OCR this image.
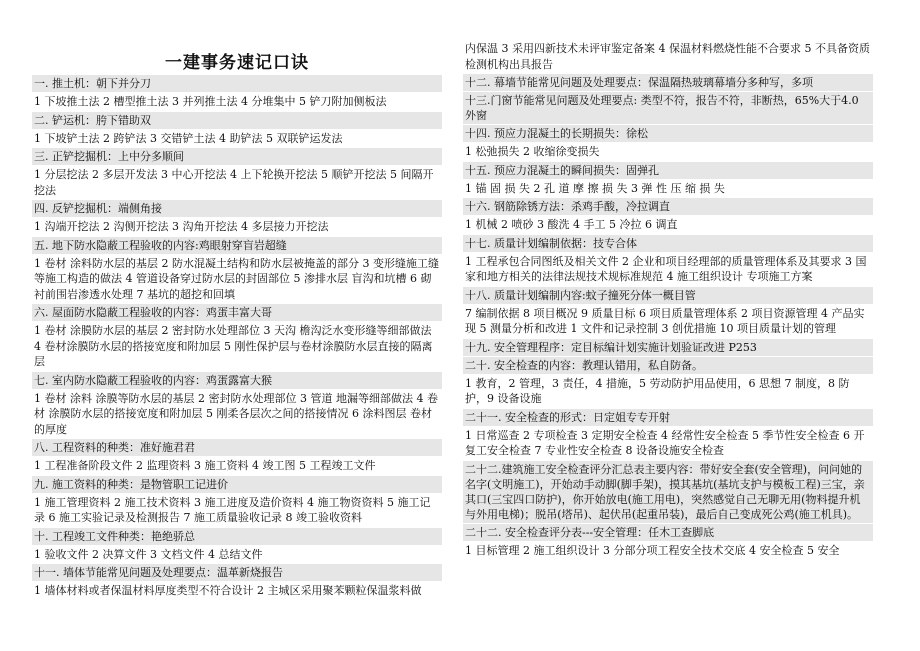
一建事务速记口诀
一. 推土机：朝下并分刀
1 下坡推土法 2 槽型推土法 3 并列推土法 4 分堆集中 5 铲刀附加侧板法
二. 铲运机：胯下错助双
1 下坡铲土法 2 跨铲法 3 交错铲土法 4 助铲法 5 双联铲运发法
三. 正铲挖掘机：上中分多顺间
1 分层挖法 2 多层开发法 3 中心开挖法 4 上下轮换开挖法 5 顺铲开挖法 5 间隔开挖法
四. 反铲挖掘机：端侧角接
1 沟端开挖法 2 沟侧开挖法 3 沟角开挖法 4 多层接力开挖法
五. 地下防水隐蔽工程验收的内容:鸡眼射穿盲岩超缝
1 卷材 涂料防水层的基层 2 防水混凝土结构和防水层被掩盖的部分 3 变形缝施工缝等施工构造的做法 4 管道设备穿过防水层的封固部位 5 渗排水层 盲沟和坑槽 6 砌衬前围岩渗透水处理 7 基坑的超挖和回填
六. 屋面防水隐蔽工程验收的内容：鸡蛋丰富大哥
1 卷材 涂膜防水层的基层 2 密封防水处理部位 3 天沟 檐沟泛水变形缝等细部做法 4 卷材涂膜防水层的搭接宽度和附加层 5 刚性保护层与卷材涂膜防水层直接的隔离层
七. 室内防水隐蔽工程验收的内容：鸡蛋露富大猴
1 卷材 涂料 涂膜等防水层的基层 2 密封防水处理部位 3 管道 地漏等细部做法 4 卷材 涂膜防水层的搭接宽度和附加层 5 刚柔各层次之间的搭接情况 6 涂料图层 卷材的厚度
八. 工程资料的种类：准好施君君
1 工程准备阶段文件 2 监理资料 3 施工资料 4 竣工图 5 工程竣工文件
九. 施工资料的种类：是物管职工记进价
1 施工管理资料 2 施工技术资料 3 施工进度及造价资料 4 施工物资资料 5 施工记录 6 施工实验记录及检测报告 7 施工质量验收记录 8 竣工验收资料
十. 工程竣工文件种类：艳绝骄总
1 验收文件 2 决算文件 3 文档文件 4 总结文件
十一. 墙体节能常见问题及处理要点：温革新烧报告
1 墙体材料或者保温材料厚度类型不符合设计 2 主城区采用聚苯颗粒保温浆料做
内保温 3 采用四新技术未评审鉴定备案 4 保温材料燃烧性能不合要求 5 不具备资质检测机构出具报告
十二. 幕墙节能常见问题及处理要点：保温隔热玻璃幕墙分多种写，多项
十三.门窗节能常见问题及处理要点: 类型不符，报告不符，非断热，65%大于4.0 外窗
十四. 预应力混凝土的长期损失：徐松
1 松弛损失 2 收缩徐变损失
十五. 预应力混凝土的瞬间损失：固弹孔
1 锚 固 损 失 2 孔 道 摩 擦 损 失 3 弹 性 压 缩 损 失
十六. 钢筋除锈方法：杀鸡手酸，冷拉调直
1 机械 2 喷砂 3 酸洗 4 手工 5 冷拉 6 调直
十七. 质量计划编制依据：技专合体
1 工程承包合同图纸及相关文件 2 企业和项目经理部的质量管理体系及其要求 3 国家和地方相关的法律法规技术规标准规范 4 施工组织设计 专项施工方案
十八. 质量计划编制内容:蚊子撞死分体一概目管
7 编制依据 8 项目概况 9 质量目标 6 项目质量管理体系 2 项目资源管理 4 产品实现 5 测量分析和改进 1 文件和记录控制 3 创优措施 10 项目质量计划的管理
十九. 安全管理程序：定目标编计划实施计划验证改进 P253
二十. 安全检查的内容：教理认错用，私自防备。
1 教育，2 管理，3 责任，4 措施，5 劳动防护用品使用，6 思想 7 制度，8 防护，9 设备设施
二十一. 安全检查的形式：日定姐专专开射
1 日常巡查 2 专项检查 3 定期安全检查 4 经常性安全检查 5 季节性安全检查 6 开复工安全检查 7 专业性安全检查 8 设备设施安全检查
二十二.建筑施工安全检查评分汇总表主要内容：带好安全套(安全管理)，问问她的名字(文明施工)，开始动手动脚(脚手架)，摸其基坑(基坑支护与模板工程)三宝，亲其口(三宝四口防护)，你开始放电(施工用电)，突然感觉自己无聊无用(物料提升机与外用电梯)；脱吊(塔吊)、起伏吊(起重吊装)，最后自己变成死公鸡(施工机具)。
二十二. 安全检查评分表---安全管理：任木工查脚底
1 目标管理 2 施工组织设计 3 分部分项工程安全技术交底 4 安全检查 5 安全
